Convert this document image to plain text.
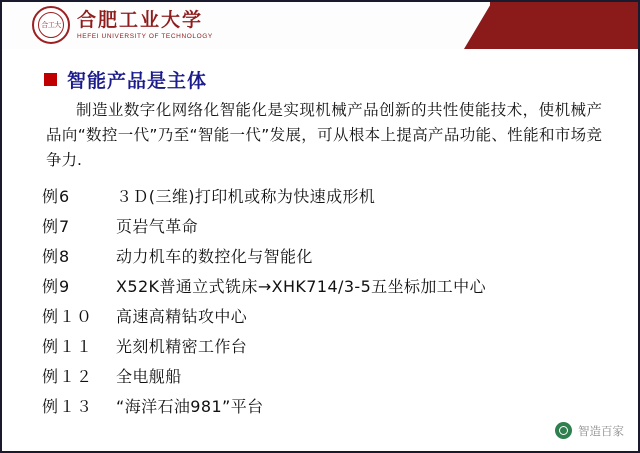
合工大 合肥工业大学
HEFEI UNIVERSITY OF TECHNOLOGY
智能产品是主体
制造业数字化网络化智能化是实现机械产品创新的共性使能技术，使机械产品向“数控一代”乃至“智能一代”发展，可从根本上提高产品功能、性能和市场竞争力.
例6	３Ｄ(三维)打印机或称为快速成形机
例7	页岩气革命
例8	动力机车的数控化与智能化
例9	X52K普通立式铣床→XHK714/3-5五坐标加工中心
例１０	高速高精钻攻中心
例１１	光刻机精密工作台
例１２	全电舰船
例１３	“海洋石油981”平台
智造百家
